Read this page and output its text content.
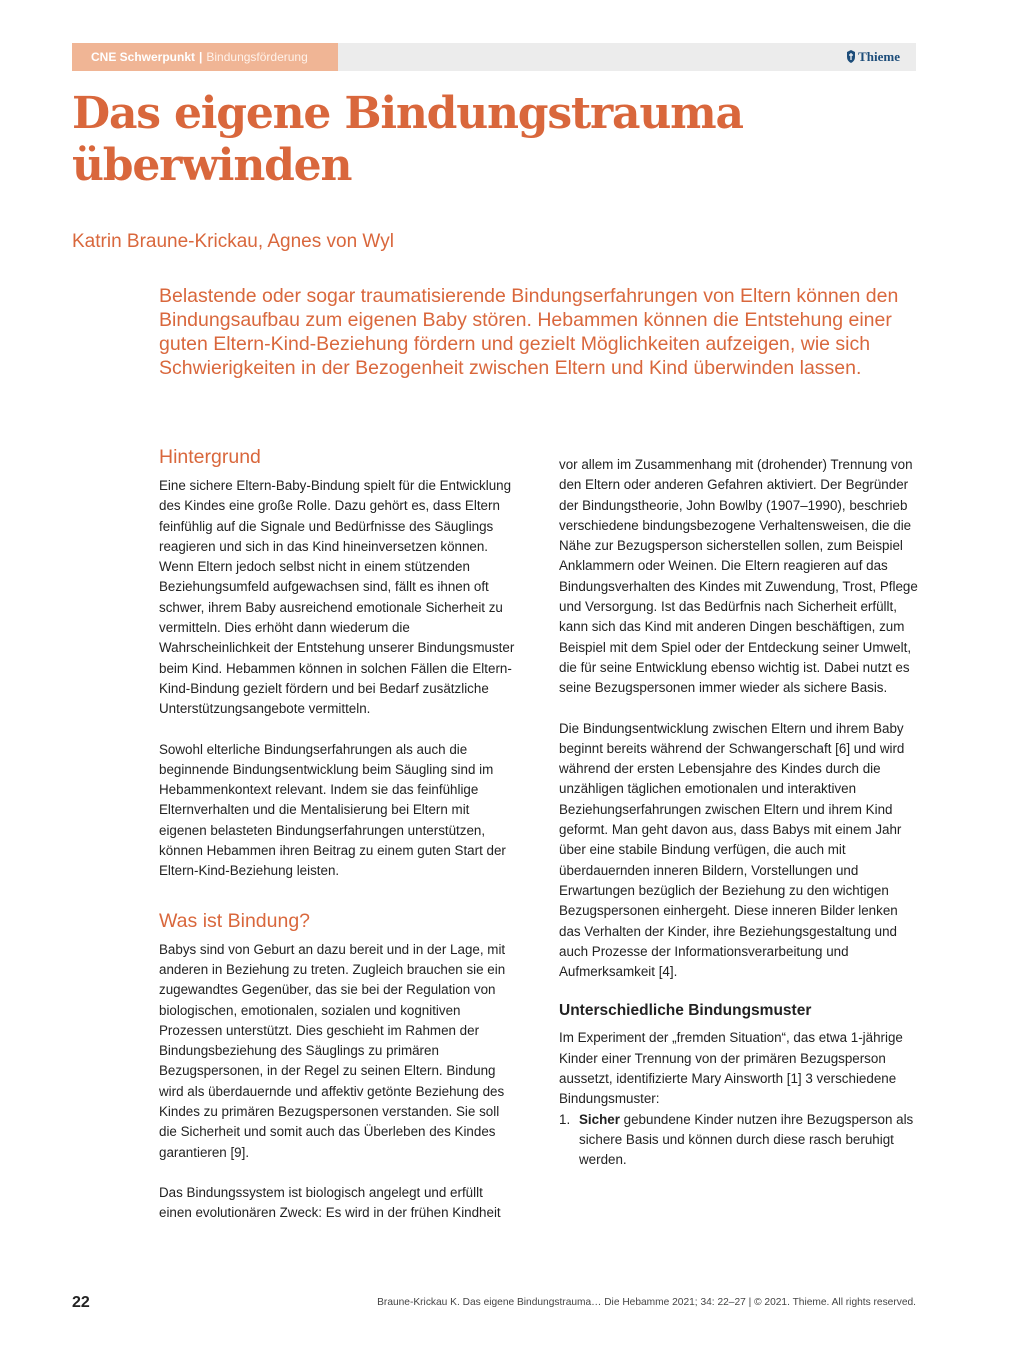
CNE Schwerpunkt | Bindungsförderung	Thieme
Das eigene Bindungstrauma
überwinden
Katrin Braune-Krickau, Agnes von Wyl

Belastende oder sogar traumatisierende Bindungserfahrungen von Eltern können den Bindungsaufbau zum eigenen Baby stören. Hebammen können die Entstehung einer guten Eltern-Kind-Beziehung fördern und gezielt Möglichkeiten aufzeigen, wie sich Schwierigkeiten in der Bezogenheit zwischen Eltern und Kind überwinden lassen.

Hintergrund

Eine sichere Eltern-Baby-Bindung spielt für die Entwicklung des Kindes eine große Rolle. Dazu gehört es, dass Eltern feinfühlig auf die Signale und Bedürfnisse des Säuglings reagieren und sich in das Kind hineinversetzen können. Wenn Eltern jedoch selbst nicht in einem stützenden Beziehungsumfeld aufgewachsen sind, fällt es ihnen oft schwer, ihrem Baby ausreichend emotionale Sicherheit zu vermitteln. Dies erhöht dann wiederum die Wahrscheinlichkeit der Entstehung unserer Bindungsmuster beim Kind. Hebammen können in solchen Fällen die Eltern-Kind-Bindung gezielt fördern und bei Bedarf zusätzliche Unterstützungsangebote vermitteln.

Sowohl elterliche Bindungserfahrungen als auch die beginnende Bindungsentwicklung beim Säugling sind im Hebammenkontext relevant. Indem sie das feinfühlige Elternverhalten und die Mentalisierung bei Eltern mit eigenen belasteten Bindungserfahrungen unterstützen, können Hebammen ihren Beitrag zu einem guten Start der Eltern-Kind-Beziehung leisten.

Was ist Bindung?

Babys sind von Geburt an dazu bereit und in der Lage, mit anderen in Beziehung zu treten. Zugleich brauchen sie ein zugewandtes Gegenüber, das sie bei der Regulation von biologischen, emotionalen, sozialen und kognitiven Prozessen unterstützt. Dies geschieht im Rahmen der Bindungsbeziehung des Säuglings zu primären Bezugspersonen, in der Regel zu seinen Eltern. Bindung wird als überdauernde und affektiv getönte Beziehung des Kindes zu primären Bezugspersonen verstanden. Sie soll die Sicherheit und somit auch das Überleben des Kindes garantieren [9].

Das Bindungssystem ist biologisch angelegt und erfüllt einen evolutionären Zweck: Es wird in der frühen Kindheit

vor allem im Zusammenhang mit (drohender) Trennung von den Eltern oder anderen Gefahren aktiviert. Der Begründer der Bindungstheorie, John Bowlby (1907–1990), beschrieb verschiedene bindungsbezogene Verhaltensweisen, die die Nähe zur Bezugsperson sicherstellen sollen, zum Beispiel Anklammern oder Weinen. Die Eltern reagieren auf das Bindungsverhalten des Kindes mit Zuwendung, Trost, Pflege und Versorgung. Ist das Bedürfnis nach Sicherheit erfüllt, kann sich das Kind mit anderen Dingen beschäftigen, zum Beispiel mit dem Spiel oder der Entdeckung seiner Umwelt, die für seine Entwicklung ebenso wichtig ist. Dabei nutzt es seine Bezugspersonen immer wieder als sichere Basis.

Die Bindungsentwicklung zwischen Eltern und ihrem Baby beginnt bereits während der Schwangerschaft [6] und wird während der ersten Lebensjahre des Kindes durch die unzähligen täglichen emotionalen und interaktiven Beziehungserfahrungen zwischen Eltern und ihrem Kind geformt. Man geht davon aus, dass Babys mit einem Jahr über eine stabile Bindung verfügen, die auch mit überdauernden inneren Bildern, Vorstellungen und Erwartungen bezüglich der Beziehung zu den wichtigen Bezugspersonen einhergeht. Diese inneren Bilder lenken das Verhalten der Kinder, ihre Beziehungsgestaltung und auch Prozesse der Informationsverarbeitung und Aufmerksamkeit [4].

Unterschiedliche Bindungsmuster

Im Experiment der „fremden Situation“, das etwa 1-jährige Kinder einer Trennung von der primären Bezugsperson aussetzt, identifizierte Mary Ainsworth [1] 3 verschiedene Bindungsmuster:

1. Sicher gebundene Kinder nutzen ihre Bezugsperson als sichere Basis und können durch diese rasch beruhigt werden.
22	Braune-Krickau K. Das eigene Bindungstrauma… Die Hebamme 2021; 34: 22–27 | © 2021. Thieme. All rights reserved.
